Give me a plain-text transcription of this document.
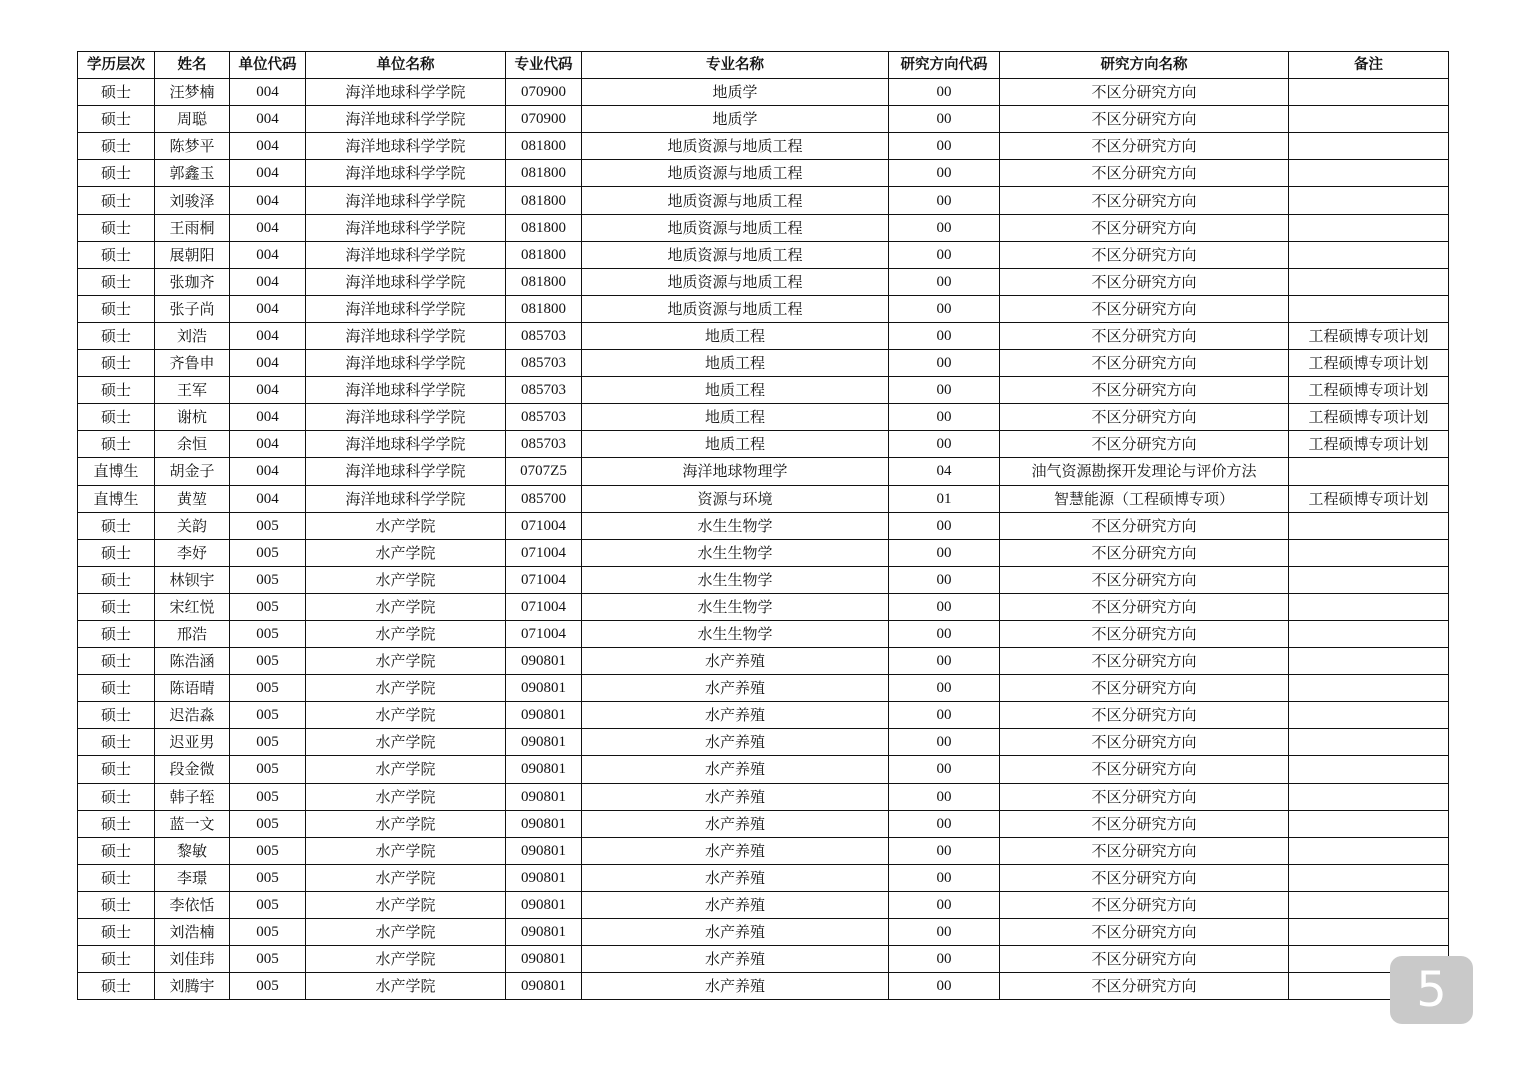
学历层次	姓名	单位代码	单位名称	专业代码	专业名称	研究方向代码	研究方向名称	备注
硕士	汪梦楠	004	海洋地球科学学院	070900	地质学	00	不区分研究方向	
硕士	周聪	004	海洋地球科学学院	070900	地质学	00	不区分研究方向	
硕士	陈梦平	004	海洋地球科学学院	081800	地质资源与地质工程	00	不区分研究方向	
硕士	郭鑫玉	004	海洋地球科学学院	081800	地质资源与地质工程	00	不区分研究方向	
硕士	刘骏泽	004	海洋地球科学学院	081800	地质资源与地质工程	00	不区分研究方向	
硕士	王雨桐	004	海洋地球科学学院	081800	地质资源与地质工程	00	不区分研究方向	
硕士	展朝阳	004	海洋地球科学学院	081800	地质资源与地质工程	00	不区分研究方向	
硕士	张珈齐	004	海洋地球科学学院	081800	地质资源与地质工程	00	不区分研究方向	
硕士	张子尚	004	海洋地球科学学院	081800	地质资源与地质工程	00	不区分研究方向	
硕士	刘浩	004	海洋地球科学学院	085703	地质工程	00	不区分研究方向	工程硕博专项计划
硕士	齐鲁申	004	海洋地球科学学院	085703	地质工程	00	不区分研究方向	工程硕博专项计划
硕士	王军	004	海洋地球科学学院	085703	地质工程	00	不区分研究方向	工程硕博专项计划
硕士	谢杭	004	海洋地球科学学院	085703	地质工程	00	不区分研究方向	工程硕博专项计划
硕士	余恒	004	海洋地球科学学院	085703	地质工程	00	不区分研究方向	工程硕博专项计划
直博生	胡金子	004	海洋地球科学学院	0707Z5	海洋地球物理学	04	油气资源勘探开发理论与评价方法	
直博生	黄堃	004	海洋地球科学学院	085700	资源与环境	01	智慧能源（工程硕博专项）	工程硕博专项计划
硕士	关韵	005	水产学院	071004	水生生物学	00	不区分研究方向	
硕士	李妤	005	水产学院	071004	水生生物学	00	不区分研究方向	
硕士	林钡宇	005	水产学院	071004	水生生物学	00	不区分研究方向	
硕士	宋红悦	005	水产学院	071004	水生生物学	00	不区分研究方向	
硕士	邢浩	005	水产学院	071004	水生生物学	00	不区分研究方向	
硕士	陈浩涵	005	水产学院	090801	水产养殖	00	不区分研究方向	
硕士	陈语晴	005	水产学院	090801	水产养殖	00	不区分研究方向	
硕士	迟浩淼	005	水产学院	090801	水产养殖	00	不区分研究方向	
硕士	迟亚男	005	水产学院	090801	水产养殖	00	不区分研究方向	
硕士	段金微	005	水产学院	090801	水产养殖	00	不区分研究方向	
硕士	韩子轾	005	水产学院	090801	水产养殖	00	不区分研究方向	
硕士	蓝一文	005	水产学院	090801	水产养殖	00	不区分研究方向	
硕士	黎敏	005	水产学院	090801	水产养殖	00	不区分研究方向	
硕士	李璟	005	水产学院	090801	水产养殖	00	不区分研究方向	
硕士	李依恬	005	水产学院	090801	水产养殖	00	不区分研究方向	
硕士	刘浩楠	005	水产学院	090801	水产养殖	00	不区分研究方向	
硕士	刘佳玮	005	水产学院	090801	水产养殖	00	不区分研究方向	
硕士	刘腾宇	005	水产学院	090801	水产养殖	00	不区分研究方向		5
